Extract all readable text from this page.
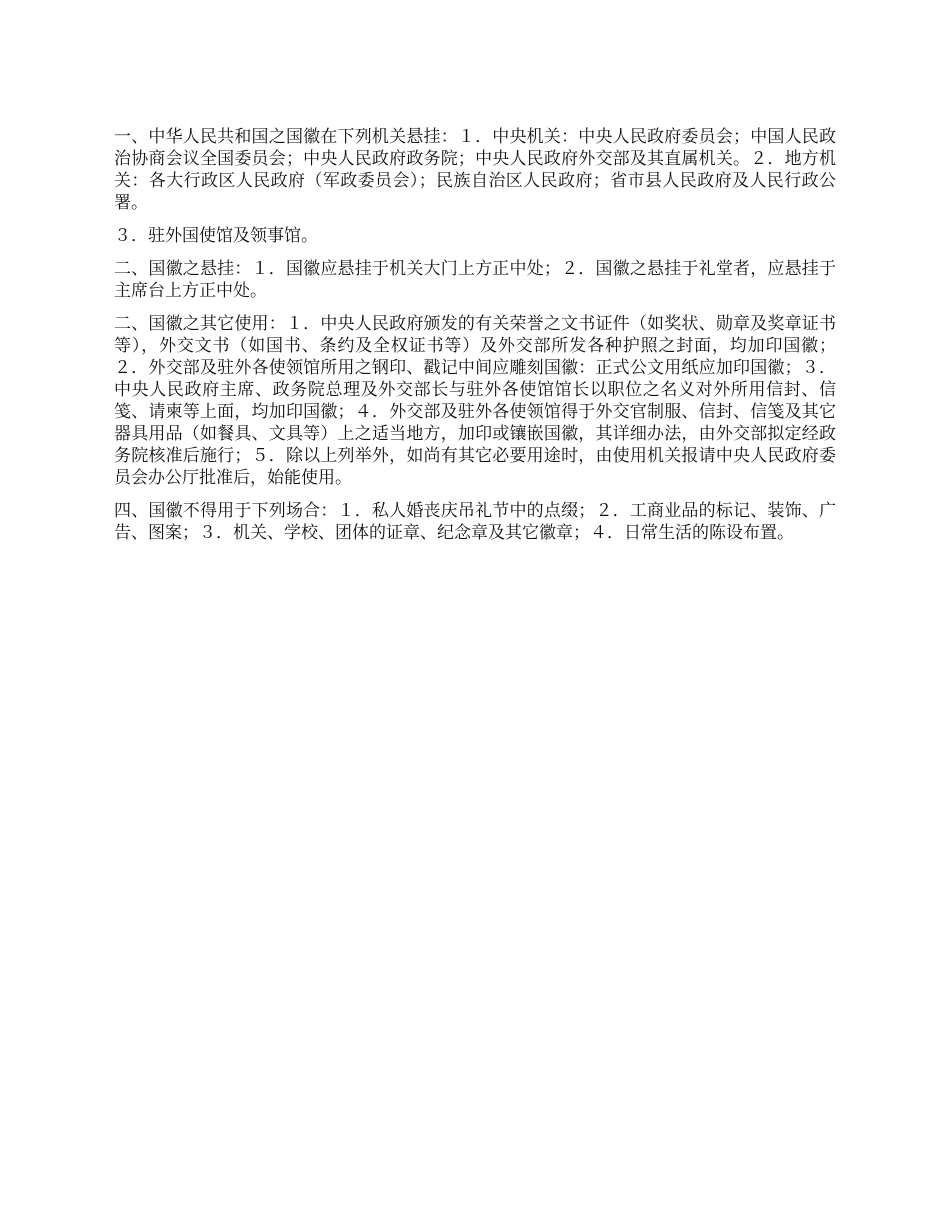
一、中华人民共和国之国徽在下列机关悬挂：１．中央机关：中央人民政府委员会；中国人民政治协商会议全国委员会；中央人民政府政务院；中央人民政府外交部及其直属机关。２．地方机关：各大行政区人民政府（军政委员会）；民族自治区人民政府；省市县人民政府及人民行政公署。

３．驻外国使馆及领事馆。

二、国徽之悬挂：１．国徽应悬挂于机关大门上方正中处；２．国徽之悬挂于礼堂者，应悬挂于主席台上方正中处。

二、国徽之其它使用：１．中央人民政府颁发的有关荣誉之文书证件（如奖状、勋章及奖章证书等），外交文书（如国书、条约及全权证书等）及外交部所发各种护照之封面，均加印国徽；２．外交部及驻外各使领馆所用之钢印、戳记中间应雕刻国徽：正式公文用纸应加印国徽；３．中央人民政府主席、政务院总理及外交部长与驻外各使馆馆长以职位之名义对外所用信封、信笺、请柬等上面，均加印国徽；４．外交部及驻外各使领馆得于外交官制服、信封、信笺及其它器具用品（如餐具、文具等）上之适当地方，加印或镶嵌国徽，其详细办法，由外交部拟定经政务院核准后施行；５．除以上列举外，如尚有其它必要用途时，由使用机关报请中央人民政府委员会办公厅批准后，始能使用。

四、国徽不得用于下列场合：１．私人婚丧庆吊礼节中的点缀；２．工商业品的标记、装饰、广告、图案；３．机关、学校、团体的证章、纪念章及其它徽章；４．日常生活的陈设布置。
